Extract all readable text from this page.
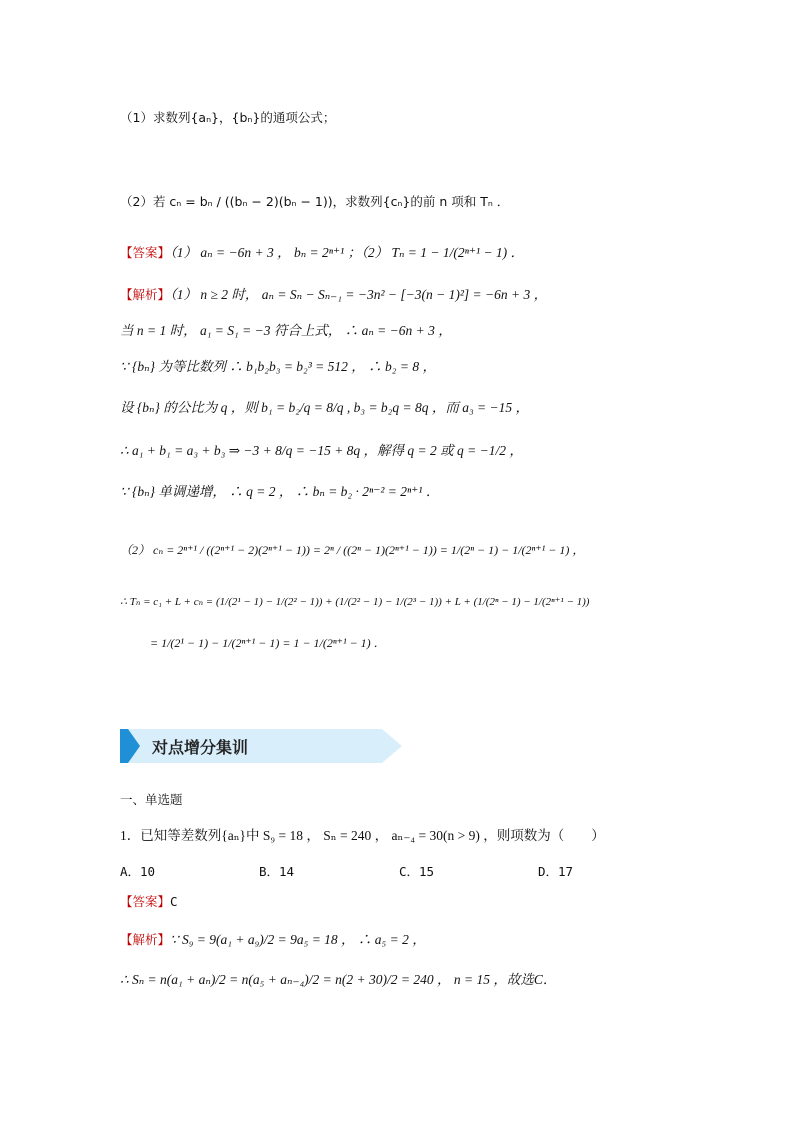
（1）求数列{aₙ}，{bₙ}的通项公式；
（2）若 cₙ = bₙ / ((bₙ − 2)(bₙ − 1))，求数列{cₙ}的前 n 项和 Tₙ ．
【答案】（1） aₙ = −6n + 3 ， bₙ = 2ⁿ⁺¹ ；（2） Tₙ = 1 − 1/(2ⁿ⁺¹ − 1) ．
【解析】（1） n ≥ 2 时， aₙ = Sₙ − Sₙ₋₁ = −3n² − [−3(n − 1)²] = −6n + 3 ，
当 n = 1 时， a₁ = S₁ = −3 符合上式， ∴ aₙ = −6n + 3 ，
∵ {bₙ} 为等比数列 ∴ b₁b₂b₃ = b₂³ = 512 ， ∴ b₂ = 8 ，
设 {bₙ} 的公比为 q ，则 b₁ = b₂/q = 8/q , b₃ = b₂q = 8q ，而 a₃ = −15 ，
∴ a₁ + b₁ = a₃ + b₃ ⇒ −3 + 8/q = −15 + 8q ，解得 q = 2 或 q = −1/2 ，
∵ {bₙ} 单调递增， ∴ q = 2 ， ∴ bₙ = b₂ · 2ⁿ⁻² = 2ⁿ⁺¹ ．
（2） cₙ = 2ⁿ⁺¹ / ((2ⁿ⁺¹ − 2)(2ⁿ⁺¹ − 1)) = 2ⁿ / ((2ⁿ − 1)(2ⁿ⁺¹ − 1)) = 1/(2ⁿ − 1) − 1/(2ⁿ⁺¹ − 1) ，
∴ Tₙ = c₁ + L + cₙ = (1/(2¹ − 1) − 1/(2² − 1)) + (1/(2² − 1) − 1/(2³ − 1)) + L + (1/(2ⁿ − 1) − 1/(2ⁿ⁺¹ − 1))
= 1/(2¹ − 1) − 1/(2ⁿ⁺¹ − 1) = 1 − 1/(2ⁿ⁺¹ − 1) ．
对点增分集训
一、单选题
1．已知等差数列{aₙ}中 S₉ = 18 ， Sₙ = 240 ， aₙ₋₄ = 30(n > 9) ，则项数为（　　）
A．10	B．14	C．15	D．17
【答案】C
【解析】∵ S₉ = 9(a₁ + a₉)/2 = 9a₅ = 18 ， ∴ a₅ = 2 ，
∴ Sₙ = n(a₁ + aₙ)/2 = n(a₅ + aₙ₋₄)/2 = n(2 + 30)/2 = 240 ， n = 15 ，故选C．
